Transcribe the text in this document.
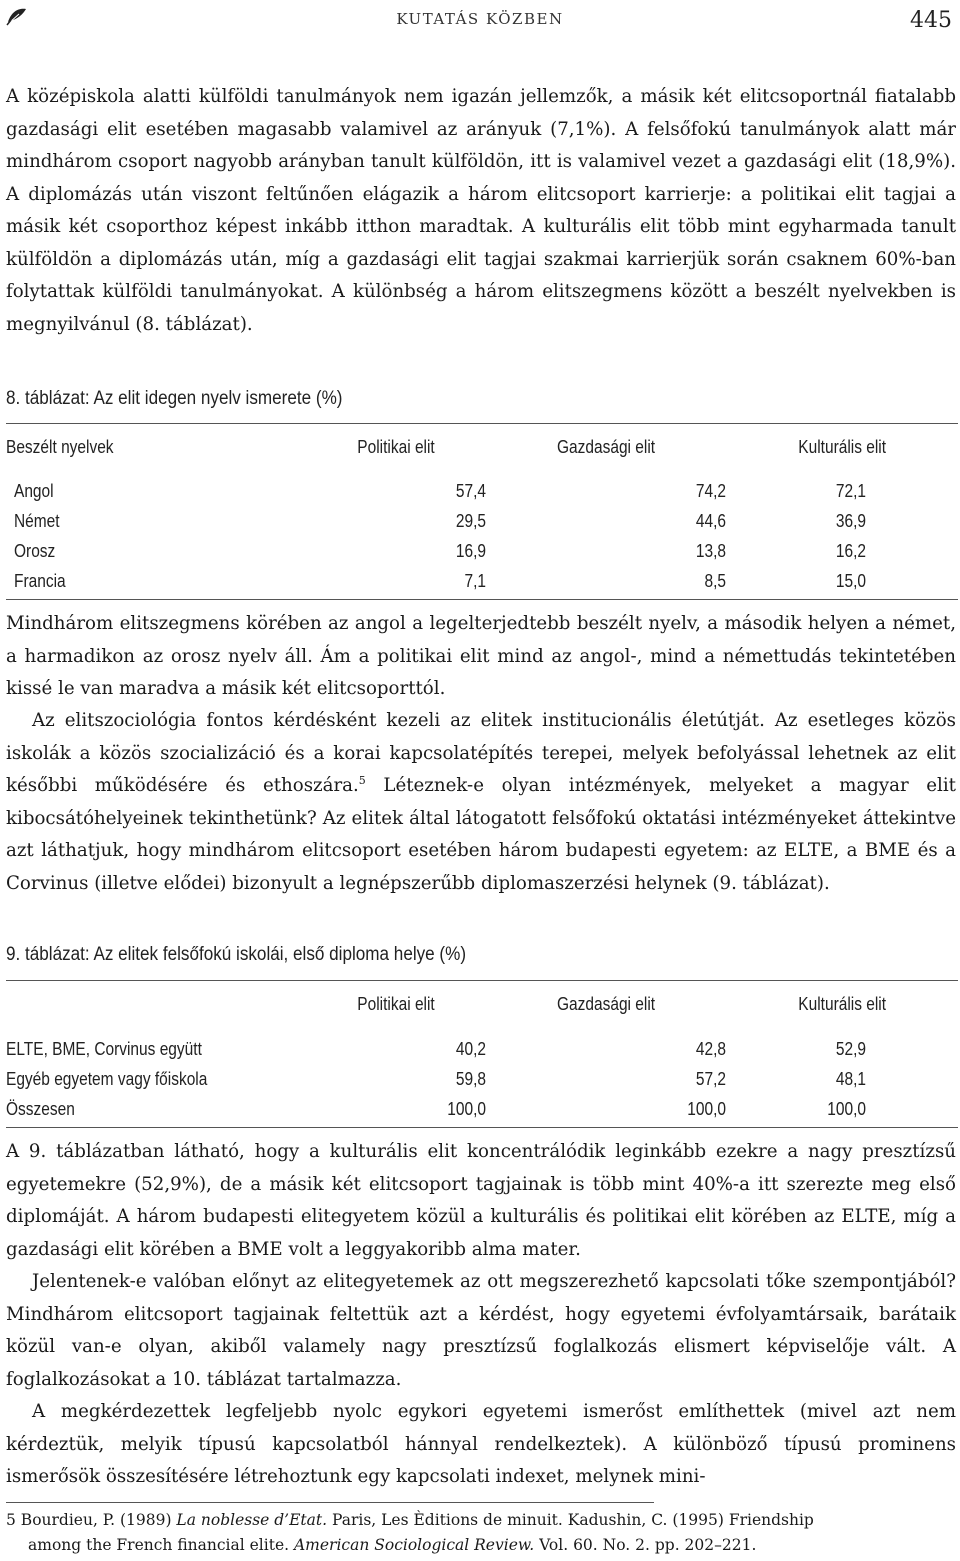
KUTATÁS KÖZBEN	445

A középiskola alatti külföldi tanulmányok nem igazán jellemzők, a másik két elitcsoportnál fiatalabb gazdasági elit esetében magasabb valamivel az arányuk (7,1%). A felsőfokú tanulmányok alatt már mindhárom csoport nagyobb arányban tanult külföldön, itt is valamivel vezet a gazdasági elit (18,9%). A diplomázás után viszont feltűnően elágazik a három elitcsoport karrierje: a politikai elit tagjai a másik két csoporthoz képest inkább itthon maradtak. A kulturális elit több mint egyharmada tanult külföldön a diplomázás után, míg a gazdasági elit tagjai szakmai karrierjük során csaknem 60%-ban folytattak külföldi tanulmányokat. A különbség a három elitszegmens között a beszélt nyelvekben is megnyilvánul (8. táblázat).

8. táblázat: Az elit idegen nyelv ismerete (%)
Beszélt nyelvek	Politikai elit	Gazdasági elit	Kulturális elit

Angol	57,4	74,2	72,1
Német	29,5	44,6	36,9
Orosz	16,9	13,8	16,2
Francia	7,1	8,5	15,0

Mindhárom elitszegmens körében az angol a legelterjedtebb beszélt nyelv, a második helyen a német, a harmadikon az orosz nyelv áll. Ám a politikai elit mind az angol-, mind a némettudás tekintetében kissé le van maradva a másik két elitcsoporttól.

Az elitszociológia fontos kérdésként kezeli az elitek institucionális életútját. Az esetleges közös iskolák a közös szocializáció és a korai kapcsolatépítés terepei, melyek befolyással lehetnek az elit későbbi működésére és ethoszára.$^5$ Léteznek-e olyan intézmények, melyeket a magyar elit kibocsátóhelyeinek tekinthetünk? Az elitek által látogatott felsőfokú oktatási intézményeket áttekintve azt láthatjuk, hogy mindhárom elitcsoport esetében három budapesti egyetem: az ELTE, a BME és a Corvinus (illetve elődei) bizonyult a legnépszerűbb diplomaszerzési helynek (9. táblázat).

9. táblázat: Az elitek felsőfokú iskolái, első diploma helye (%)
	Politikai elit	Gazdasági elit	Kulturális elit

ELTE, BME, Corvinus együtt	40,2	42,8	52,9
Egyéb egyetem vagy főiskola	59,8	57,2	48,1
Összesen	100,0	100,0	100,0

A 9. táblázatban látható, hogy a kulturális elit koncentrálódik leginkább ezekre a nagy presztízsű egyetemekre (52,9%), de a másik két elitcsoport tagjainak is több mint 40%-a itt szerezte meg első diplomáját. A három budapesti elitegyetem közül a kulturális és politikai elit körében az ELTE, míg a gazdasági elit körében a BME volt a leggyakoribb alma mater.

Jelentenek-e valóban előnyt az elitegyetemek az ott megszerezhető kapcsolati tőke szempontjából? Mindhárom elitcsoport tagjainak feltettük azt a kérdést, hogy egyetemi évfolyamtársaik, barátaik közül van-e olyan, akiből valamely nagy presztízsű foglalkozás elismert képviselője vált. A foglalkozásokat a 10. táblázat tartalmazza.

A megkérdezettek legfeljebb nyolc egykori egyetemi ismerőst említhettek (mivel azt nem kérdeztük, melyik típusú kapcsolatból hánnyal rendelkeztek). A különböző típusú prominens ismerősök összesítésére létrehoztunk egy kapcsolati indexet, melynek mini-

5 Bourdieu, P. (1989) La noblesse d’Etat. Paris, Les Èditions de minuit. Kadushin, C. (1995) Friendship
among the French financial elite. American Sociological Review. Vol. 60. No. 2. pp. 202–221.
